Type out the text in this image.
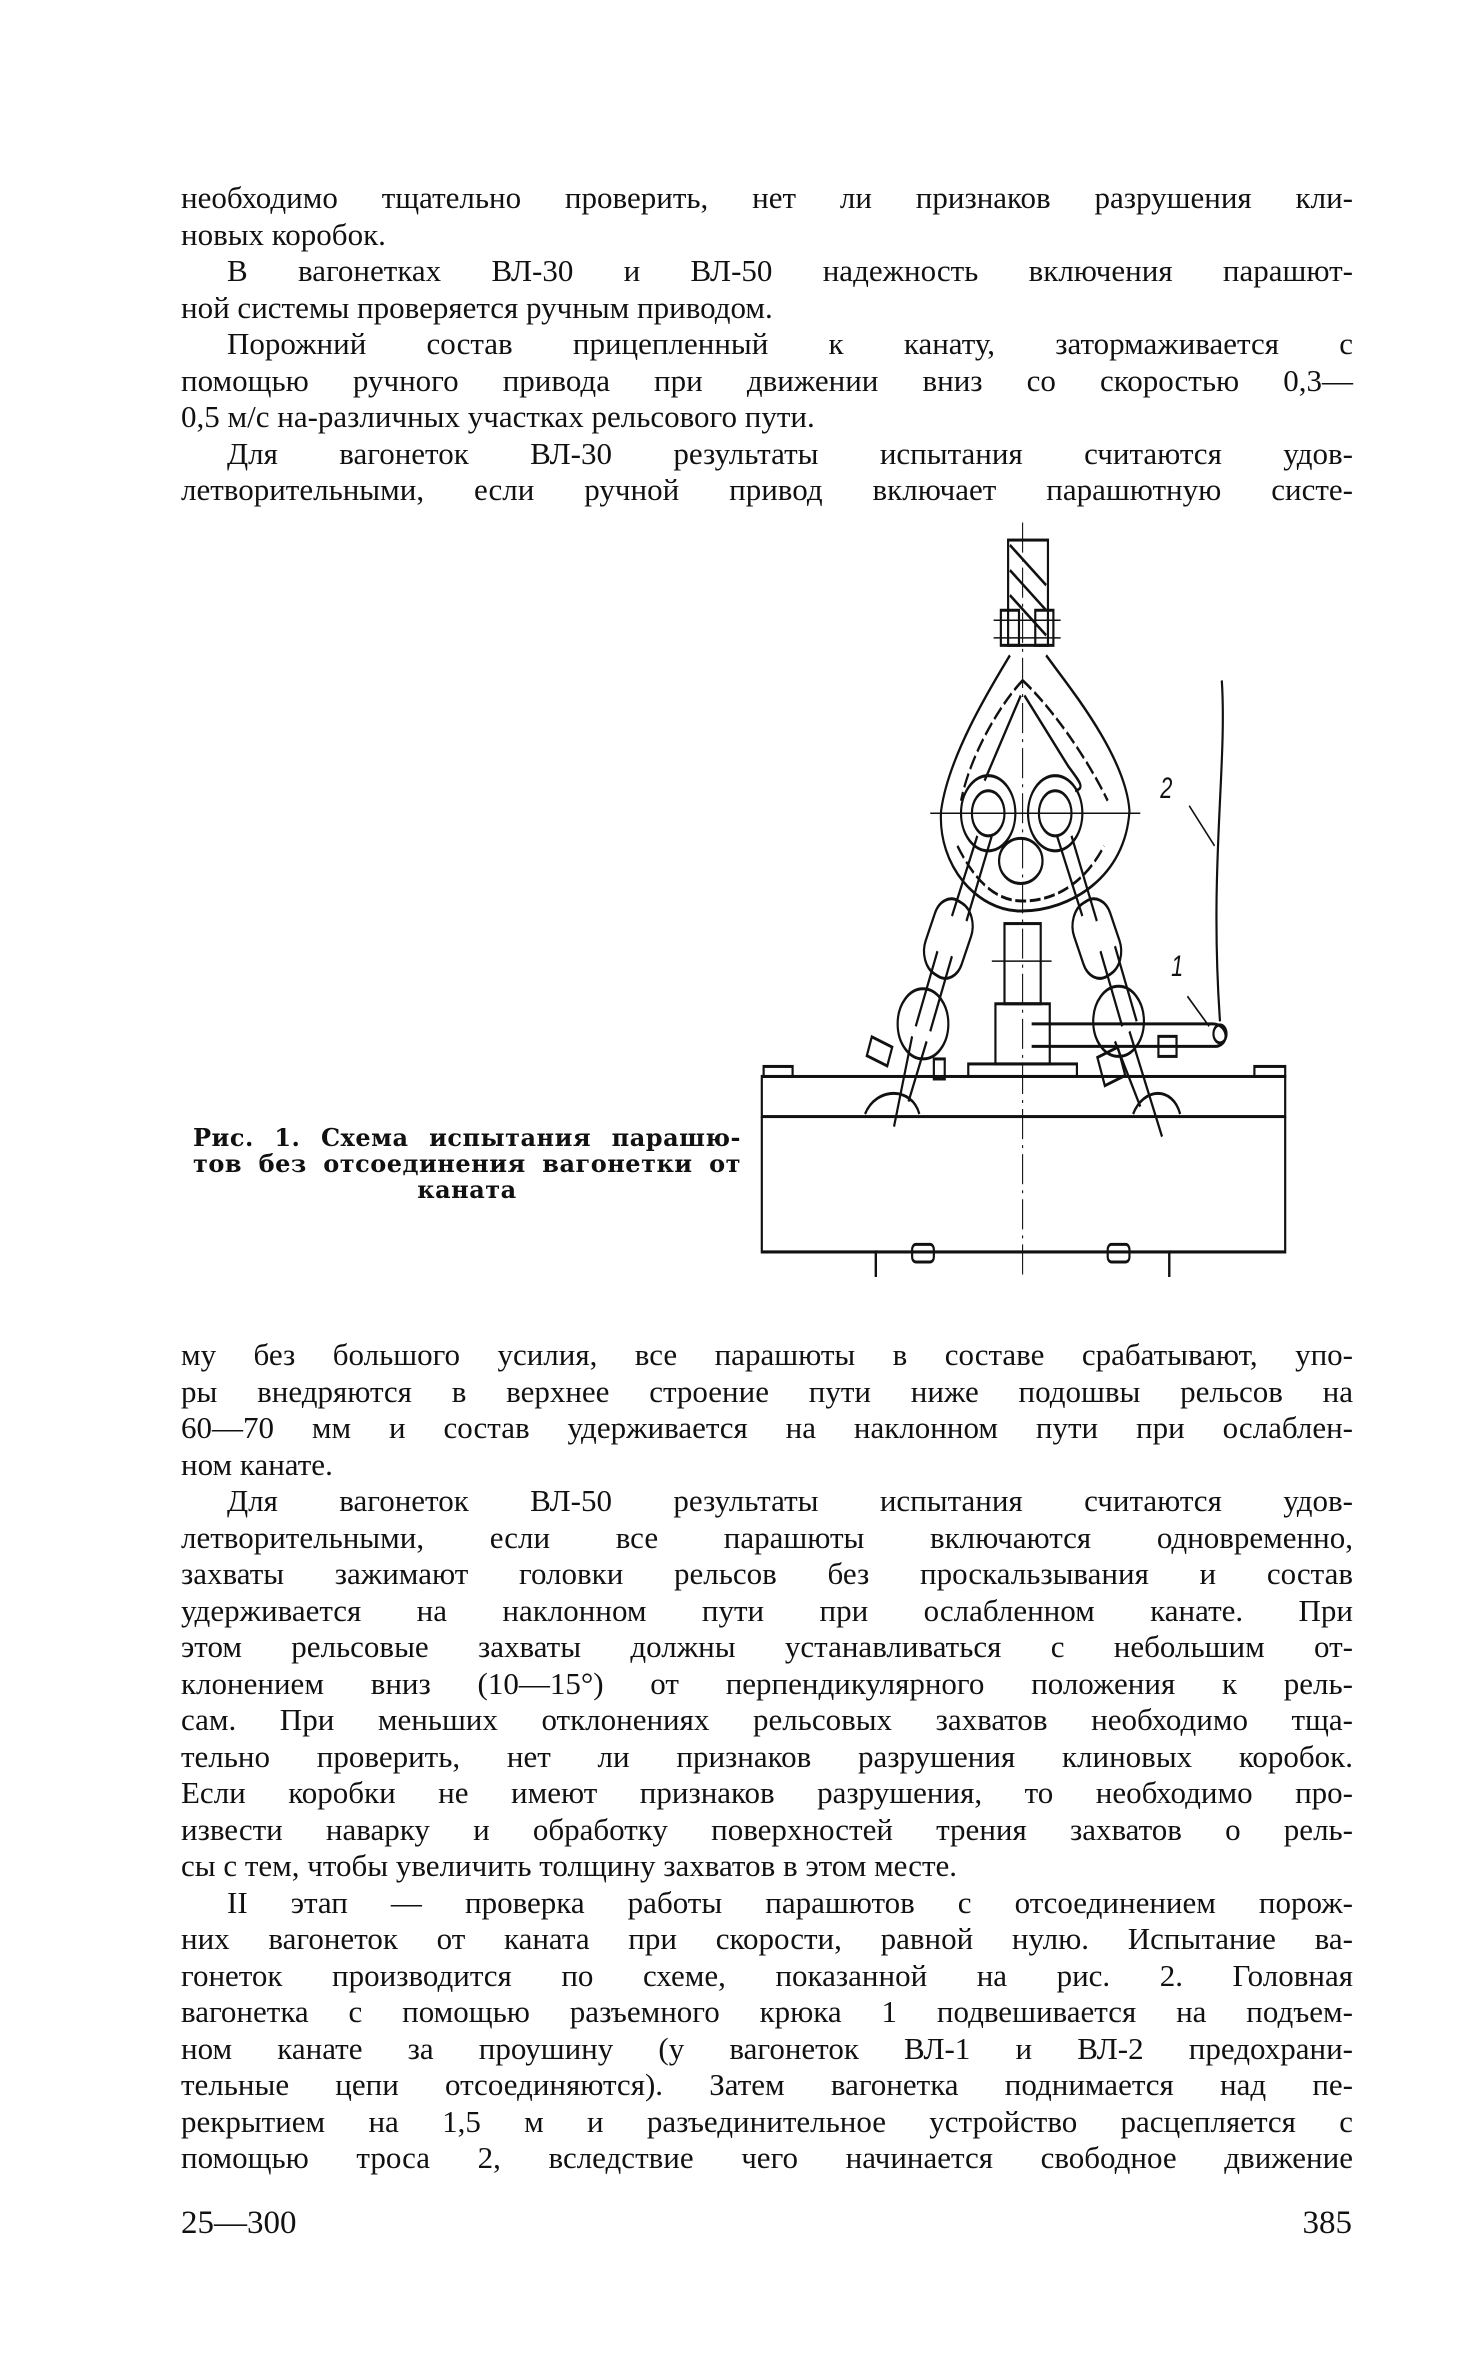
необходимо тщательно проверить, нет ли признаков разрушения кли-
новых коробок.
В вагонетках ВЛ-30 и ВЛ-50 надежность включения парашют-
ной системы проверяется ручным приводом.
Порожний состав прицепленный к канату, затормаживается с
помощью ручного привода при движении вниз со скоростью 0,3—
0,5 м/с на-различных участках рельсового пути.
Для вагонеток ВЛ-30 результаты испытания считаются удов-
летворительными, если ручной привод включает парашютную систе-
2
1
Рис. 1. Схема испытания парашю-
тов без отсоединения вагонетки от
каната
му без большого усилия, все парашюты в составе срабатывают, упо-
ры внедряются в верхнее строение пути ниже подошвы рельсов на
60—70 мм и состав удерживается на наклонном пути при ослаблен-
ном канате.
Для вагонеток ВЛ-50 результаты испытания считаются удов-
летворительными, если все парашюты включаются одновременно,
захваты зажимают головки рельсов без проскальзывания и состав
удерживается на наклонном пути при ослабленном канате. При
этом рельсовые захваты должны устанавливаться с небольшим от-
клонением вниз (10—15°) от перпендикулярного положения к рель-
сам. При меньших отклонениях рельсовых захватов необходимо тща-
тельно проверить, нет ли признаков разрушения клиновых коробок.
Если коробки не имеют признаков разрушения, то необходимо про-
извести наварку и обработку поверхностей трения захватов о рель-
сы с тем, чтобы увеличить толщину захватов в этом месте.
II этап — проверка работы парашютов с отсоединением порож-
них вагонеток от каната при скорости, равной нулю. Испытание ва-
гонеток производится по схеме, показанной на рис. 2. Головная
вагонетка с помощью разъемного крюка 1 подвешивается на подъем-
ном канате за проушину (у вагонеток ВЛ-1 и ВЛ-2 предохрани-
тельные цепи отсоединяются). Затем вагонетка поднимается над пе-
рекрытием на 1,5 м и разъединительное устройство расцепляется с
помощью троса 2, вследствие чего начинается свободное движение
25—300	385
